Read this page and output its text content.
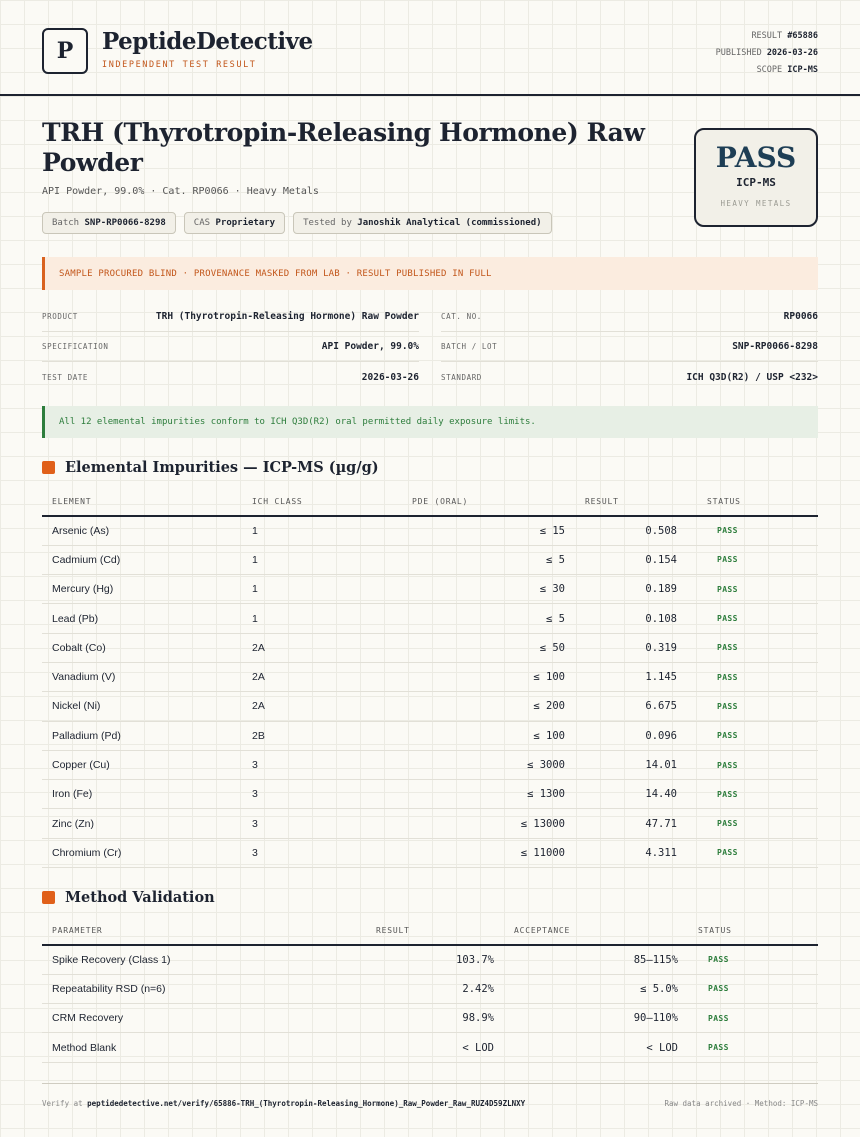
P	PeptideDetective
INDEPENDENT TEST RESULT
RESULT #65886
PUBLISHED 2026-03-26
SCOPE ICP-MS
TRH (Thyrotropin-Releasing Hormone) Raw Powder
API Powder, 99.0% · Cat. RP0066 · Heavy Metals
Batch SNP-RP0066-8298	CAS Proprietary	Tested by Janoshik Analytical (commissioned)
PASS
ICP-MS
HEAVY METALS
SAMPLE PROCURED BLIND · PROVENANCE MASKED FROM LAB · RESULT PUBLISHED IN FULL
PRODUCT	TRH (Thyrotropin-Releasing Hormone) Raw Powder
SPECIFICATION	API Powder, 99.0%
TEST DATE	2026-03-26
CAT. NO.	RP0066
BATCH / LOT	SNP-RP0066-8298
STANDARD	ICH Q3D(R2) / USP <232>
All 12 elemental impurities conform to ICH Q3D(R2) oral permitted daily exposure limits.
Elemental Impurities — ICP-MS (µg/g)
ELEMENT	ICH CLASS	PDE (ORAL)	RESULT	STATUS
Arsenic (As)	1	≤ 15	0.508	PASS
Cadmium (Cd)	1	≤ 5	0.154	PASS
Mercury (Hg)	1	≤ 30	0.189	PASS
Lead (Pb)	1	≤ 5	0.108	PASS
Cobalt (Co)	2A	≤ 50	0.319	PASS
Vanadium (V)	2A	≤ 100	1.145	PASS
Nickel (Ni)	2A	≤ 200	6.675	PASS
Palladium (Pd)	2B	≤ 100	0.096	PASS
Copper (Cu)	3	≤ 3000	14.01	PASS
Iron (Fe)	3	≤ 1300	14.40	PASS
Zinc (Zn)	3	≤ 13000	47.71	PASS
Chromium (Cr)	3	≤ 11000	4.311	PASS
Method Validation
PARAMETER	RESULT	ACCEPTANCE	STATUS
Spike Recovery (Class 1)	103.7%	85–115%	PASS
Repeatability RSD (n=6)	2.42%	≤ 5.0%	PASS
CRM Recovery	98.9%	90–110%	PASS
Method Blank	< LOD	< LOD	PASS
Verify at peptidedetective.net/verify/65886-TRH_(Thyrotropin-Releasing_Hormone)_Raw_Powder_Raw_RUZ4D59ZLNXY	Raw data archived · Method: ICP-MS
